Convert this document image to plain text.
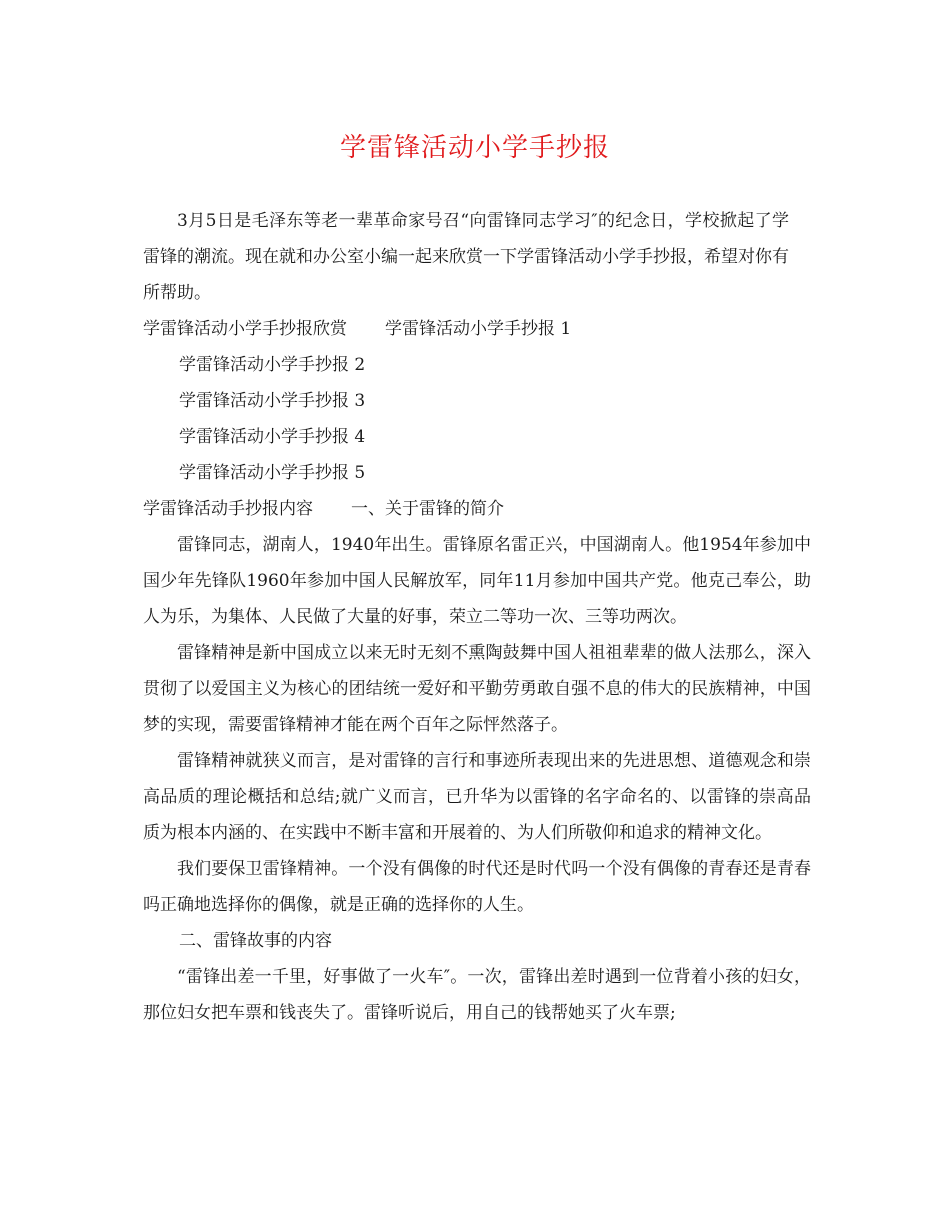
学雷锋活动小学手抄报

3月5日是毛泽东等老一辈革命家号召“向雷锋同志学习″的纪念日，学校掀起了学雷锋的潮流。现在就和办公室小编一起来欣赏一下学雷锋活动小学手抄报，希望对你有所帮助。

学雷锋活动小学手抄报欣赏 学雷锋活动小学手抄报 1

学雷锋活动小学手抄报 2

学雷锋活动小学手抄报 3

学雷锋活动小学手抄报 4

学雷锋活动小学手抄报 5

学雷锋活动手抄报内容 一、关于雷锋的简介

雷锋同志，湖南人，1940年出生。雷锋原名雷正兴，中国湖南人。他1954年参加中国少年先锋队1960年参加中国人民解放军，同年11月参加中国共产党。他克己奉公，助人为乐，为集体、人民做了大量的好事，荣立二等功一次、三等功两次。

雷锋精神是新中国成立以来无时无刻不熏陶鼓舞中国人祖祖辈辈的做人法那么，深入贯彻了以爱国主义为核心的团结统一爱好和平勤劳勇敢自强不息的伟大的民族精神，中国梦的实现，需要雷锋精神才能在两个百年之际怦然落子。

雷锋精神就狭义而言，是对雷锋的言行和事迹所表现出来的先进思想、道德观念和崇高品质的理论概括和总结;就广义而言，已升华为以雷锋的名字命名的、以雷锋的崇高品质为根本内涵的、在实践中不断丰富和开展着的、为人们所敬仰和追求的精神文化。

我们要保卫雷锋精神。一个没有偶像的时代还是时代吗一个没有偶像的青春还是青春吗正确地选择你的偶像，就是正确的选择你的人生。

二、雷锋故事的内容

“雷锋出差一千里，好事做了一火车″。一次，雷锋出差时遇到一位背着小孩的妇女，那位妇女把车票和钱丧失了。雷锋听说后，用自己的钱帮她买了火车票;
